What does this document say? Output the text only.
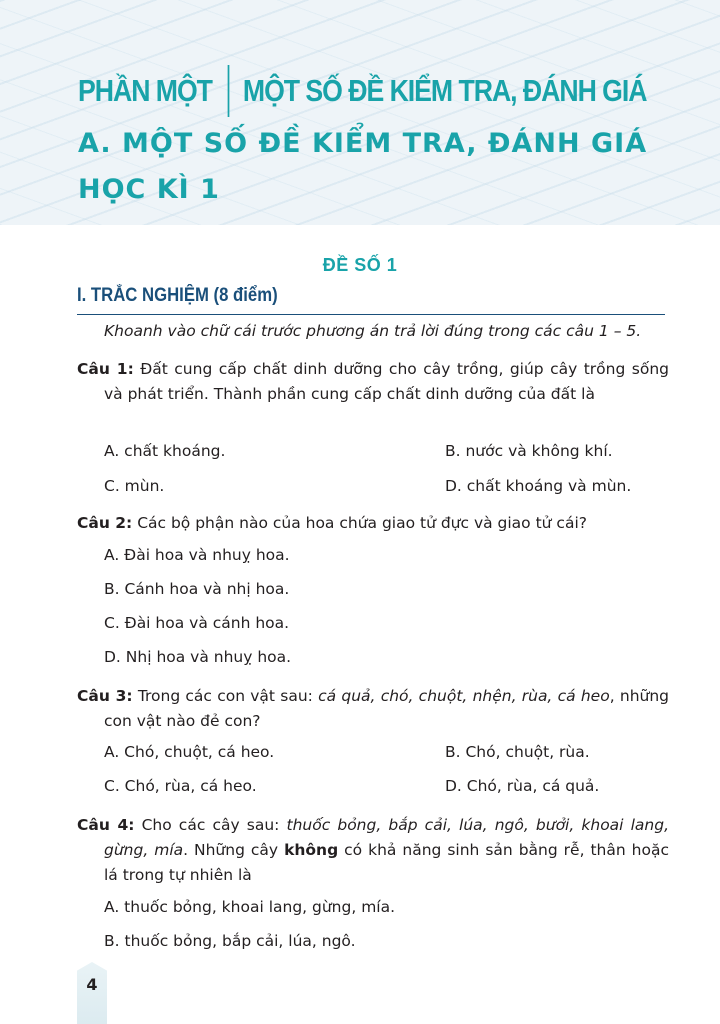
PHẦN MỘT MỘT SỐ ĐỀ KIỂM TRA, ĐÁNH GIÁ
A. MỘT SỐ ĐỀ KIỂM TRA, ĐÁNH GIÁ
HỌC KÌ 1
ĐỀ SỐ 1
I. TRẮC NGHIỆM (8 điểm)
Khoanh vào chữ cái trước phương án trả lời đúng trong các câu 1 – 5.
Câu 1: Đất cung cấp chất dinh dưỡng cho cây trồng, giúp cây trồng sống và phát triển. Thành phần cung cấp chất dinh dưỡng của đất là
A. chất khoáng.	B. nước và không khí.
C. mùn.	D. chất khoáng và mùn.
Câu 2: Các bộ phận nào của hoa chứa giao tử đực và giao tử cái?
A. Đài hoa và nhuỵ hoa.
B. Cánh hoa và nhị hoa.
C. Đài hoa và cánh hoa.
D. Nhị hoa và nhuỵ hoa.
Câu 3: Trong các con vật sau: cá quả, chó, chuột, nhện, rùa, cá heo, những con vật nào đẻ con?
A. Chó, chuột, cá heo.	B. Chó, chuột, rùa.
C. Chó, rùa, cá heo.	D. Chó, rùa, cá quả.
Câu 4: Cho các cây sau: thuốc bỏng, bắp cải, lúa, ngô, bưởi, khoai lang, gừng, mía. Những cây không có khả năng sinh sản bằng rễ, thân hoặc lá trong tự nhiên là
A. thuốc bỏng, khoai lang, gừng, mía.
B. thuốc bỏng, bắp cải, lúa, ngô.
4
